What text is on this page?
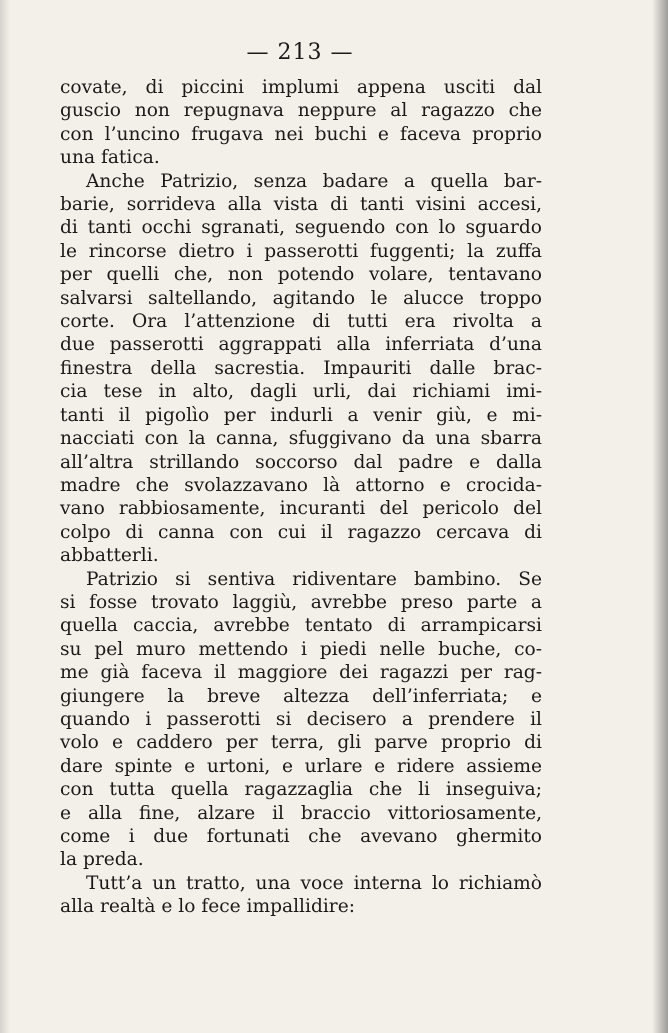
— 213 —
covate, di piccini implumi appena usciti dal
guscio non repugnava neppure al ragazzo che
con l’uncino frugava nei buchi e faceva proprio
una fatica.
Anche Patrizio, senza badare a quella bar-
barie, sorrideva alla vista di tanti visini accesi,
di tanti occhi sgranati, seguendo con lo sguardo
le rincorse dietro i passerotti fuggenti; la zuffa
per quelli che, non potendo volare, tentavano
salvarsi saltellando, agitando le alucce troppo
corte. Ora l’attenzione di tutti era rivolta a
due passerotti aggrappati alla inferriata d’una
finestra della sacrestia. Impauriti dalle brac-
cia tese in alto, dagli urli, dai richiami imi-
tanti il pigolìo per indurli a venir giù, e mi-
nacciati con la canna, sfuggivano da una sbarra
all’altra strillando soccorso dal padre e dalla
madre che svolazzavano là attorno e crocida-
vano rabbiosamente, incuranti del pericolo del
colpo di canna con cui il ragazzo cercava di
abbatterli.
Patrizio si sentiva ridiventare bambino. Se
si fosse trovato laggiù, avrebbe preso parte a
quella caccia, avrebbe tentato di arrampicarsi
su pel muro mettendo i piedi nelle buche, co-
me già faceva il maggiore dei ragazzi per rag-
giungere la breve altezza dell’inferriata; e
quando i passerotti si decisero a prendere il
volo e caddero per terra, gli parve proprio di
dare spinte e urtoni, e urlare e ridere assieme
con tutta quella ragazzaglia che li inseguiva;
e alla fine, alzare il braccio vittoriosamente,
come i due fortunati che avevano ghermito
la preda.
Tutt’a un tratto, una voce interna lo richiamò
alla realtà e lo fece impallidire:
